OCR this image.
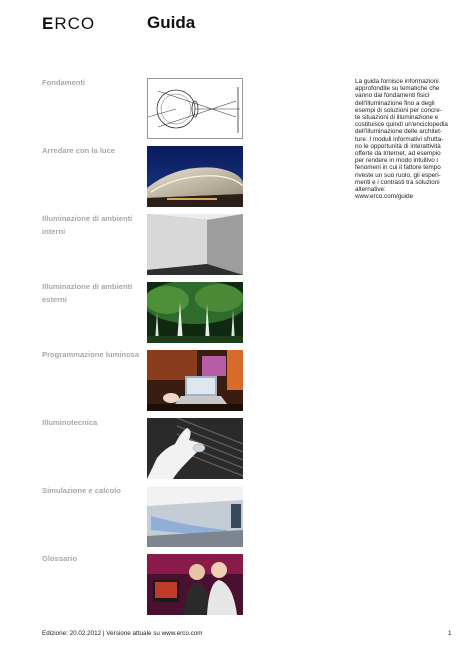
ERCO	Guida
Fondamenti
Arredare con la luce
Illuminazione di ambienti interni
Illuminazione di ambienti esterni
Programmazione luminosa
Illuminotecnica
Simulazione e calcolo
Glossario
La guida fornisce informazioni
approfondite su tematiche che
vanno dai fondamenti fisici
dell'illuminazione fino a degli
esempi di soluzioni per concre-
te situazioni di illuminazione e
costituisce quindi un'enciclopedia
dell'illuminazione delle architet-
ture. I moduli informativi sfrutta-
no le opportunità di interattività
offerte da Internet, ad esempio
per rendere in modo intuitivo i
fenomeni in cui il fattore tempo
riveste un suo ruolo, gli esperi-
menti e i contrasti tra soluzioni
alternative:
www.erco.com/guide
Edizione: 20.02.2012 | Versione attuale su www.erco.com	1
